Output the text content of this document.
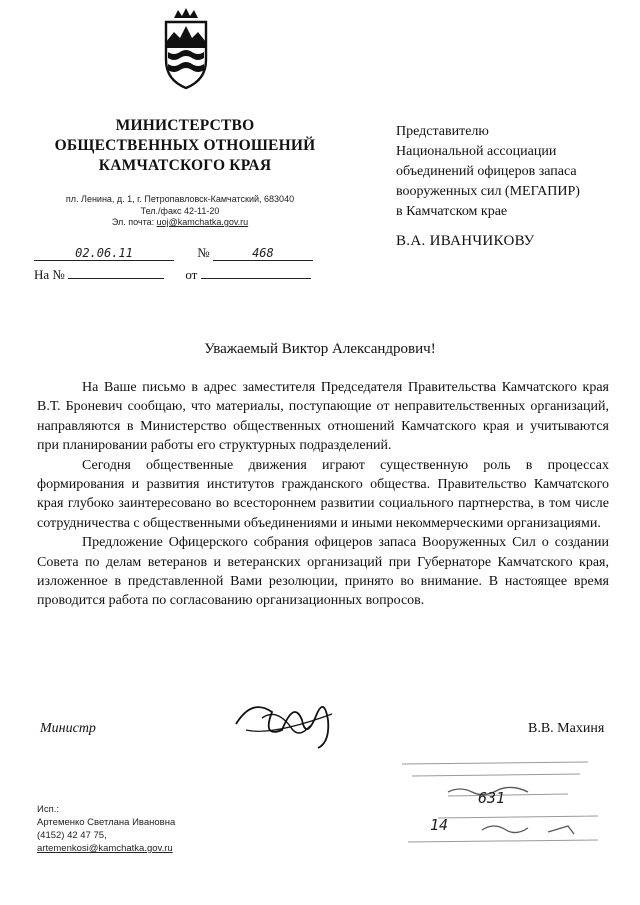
МИНИСТЕРСТВО
ОБЩЕСТВЕННЫХ ОТНОШЕНИЙ
КАМЧАТСКОГО КРАЯ
пл. Ленина, д. 1, г. Петропавловск-Камчатский, 683040
Тел./факс 42-11-20
Эл. почта: uoj@kamchatka.gov.ru
02.06.11	№	468
На №	от
Представителю
Национальной ассоциации
объединений офицеров запаса
вооруженных сил (МЕГАПИР)
в Камчатском крае
В.А. ИВАНЧИКОВУ
Уважаемый Виктор Александрович!

На Ваше письмо в адрес заместителя Председателя Правительства Камчатского края В.Т. Броневич сообщаю, что материалы, поступающие от неправительственных организаций, направляются в Министерство общественных отношений Камчатского края и учитываются при планировании работы его структурных подразделений.

Сегодня общественные движения играют существенную роль в процессах формирования и развития институтов гражданского общества. Правительство Камчатского края глубоко заинтересовано во всестороннем развитии социального партнерства, в том числе сотрудничества с общественными объединениями и иными некоммерческими организациями.

Предложение Офицерского собрания офицеров запаса Вооруженных Сил о создании Совета по делам ветеранов и ветеранских организаций при Губернаторе Камчатского края, изложенное в представленной Вами резолюции, принято во внимание. В настоящее время проводится работа по согласованию организационных вопросов.

Министр	В.В. Махиня
631
14
Исп.:
Артеменко Светлана Ивановна
(4152) 42 47 75,
artemenkosi@kamchatka.gov.ru
